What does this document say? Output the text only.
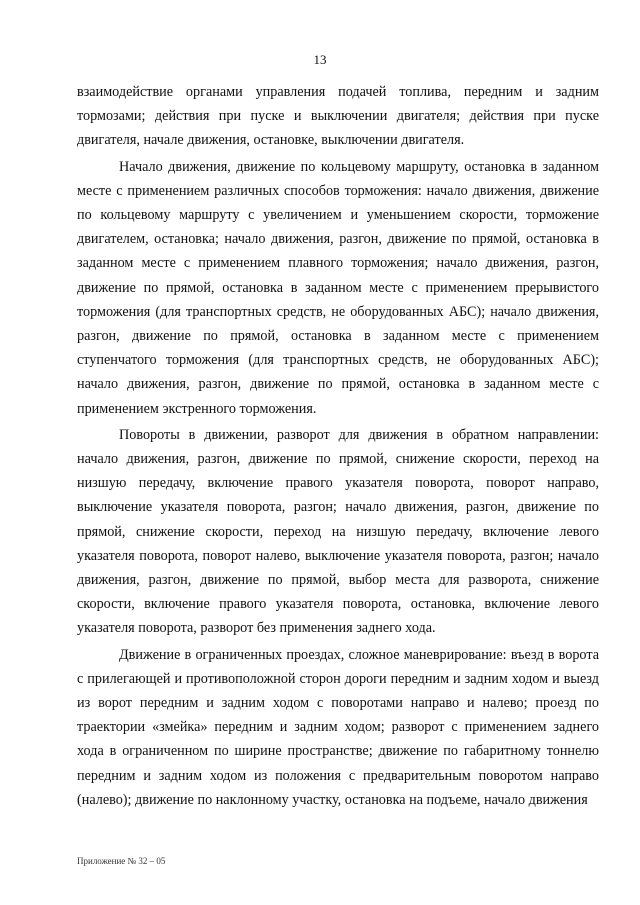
13

взаимодействие органами управления подачей топлива, передним и задним тормозами; действия при пуске и выключении двигателя; действия при пуске двигателя, начале движения, остановке, выключении двигателя.

Начало движения, движение по кольцевому маршруту, остановка в заданном месте с применением различных способов торможения: начало движения, движение по кольцевому маршруту с увеличением и уменьшением скорости, торможение двигателем, остановка; начало движения, разгон, движение по прямой, остановка в заданном месте с применением плавного торможения; начало движения, разгон, движение по прямой, остановка в заданном месте с применением прерывистого торможения (для транспортных средств, не оборудованных АБС); начало движения, разгон, движение по прямой, остановка в заданном месте с применением ступенчатого торможения (для транспортных средств, не оборудованных АБС); начало движения, разгон, движение по прямой, остановка в заданном месте с применением экстренного торможения.

Повороты в движении, разворот для движения в обратном направлении: начало движения, разгон, движение по прямой, снижение скорости, переход на низшую передачу, включение правого указателя поворота, поворот направо, выключение указателя поворота, разгон; начало движения, разгон, движение по прямой, снижение скорости, переход на низшую передачу, включение левого указателя поворота, поворот налево, выключение указателя поворота, разгон; начало движения, разгон, движение по прямой, выбор места для разворота, снижение скорости, включение правого указателя поворота, остановка, включение левого указателя поворота, разворот без применения заднего хода.

Движение в ограниченных проездах, сложное маневрирование: въезд в ворота с прилегающей и противоположной сторон дороги передним и задним ходом и выезд из ворот передним и задним ходом с поворотами направо и налево; проезд по траектории «змейка» передним и задним ходом; разворот с применением заднего хода в ограниченном по ширине пространстве; движение по габаритному тоннелю передним и задним ходом из положения с предварительным поворотом направо (налево); движение по наклонному участку, остановка на подъеме, начало движения

Приложение № 32 – 05
